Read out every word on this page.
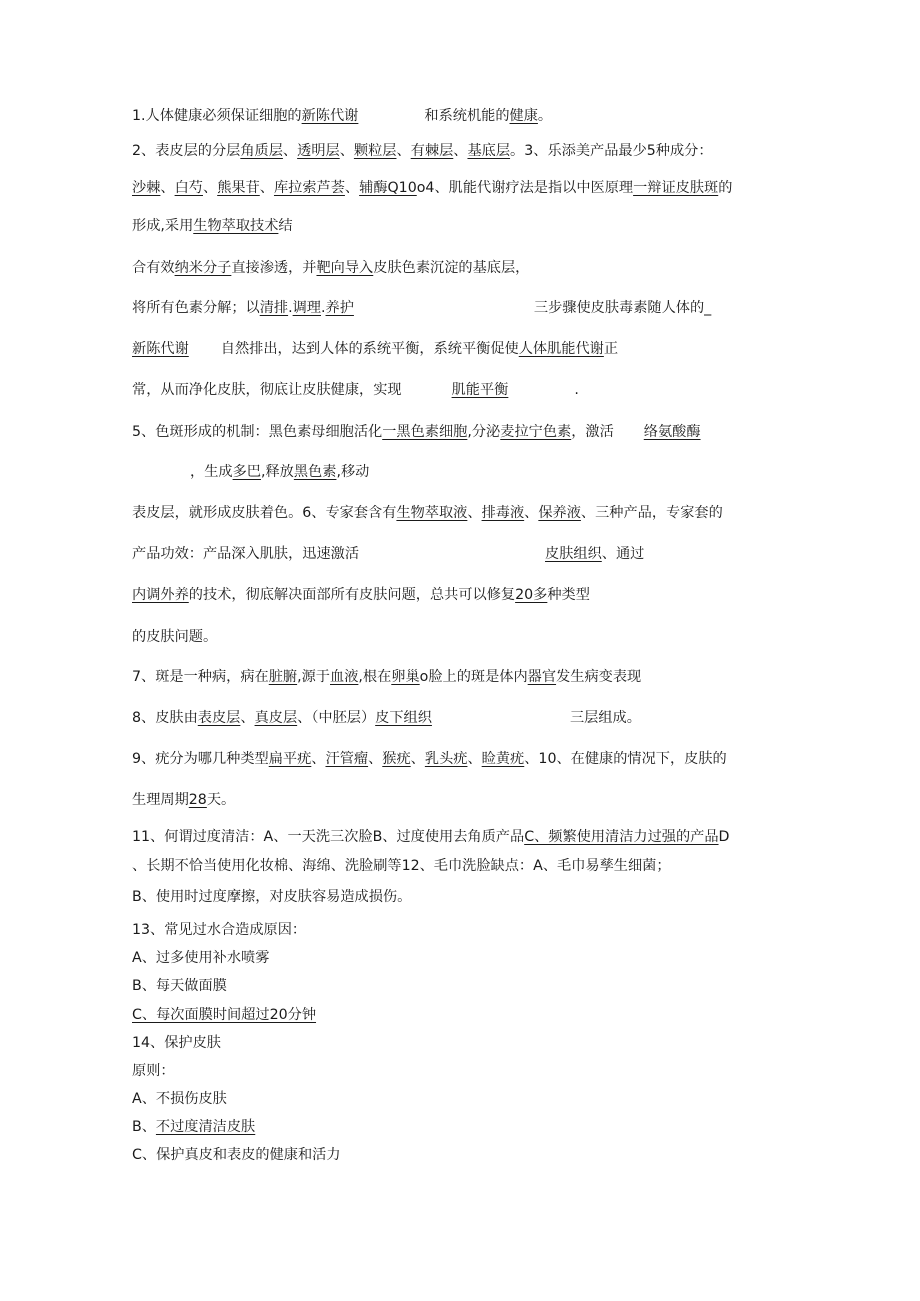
1.人体健康必须保证细胞的新陈代谢	和系统机能的健康。
2、表皮层的分层角质层、透明层、颗粒层、有棘层、基底层。3、乐添美产品最少5种成分：
沙棘、白芍、熊果苷、库拉索芦荟、辅酶Q10o4、肌能代谢疗法是指以中医原理一辩证皮肤斑的
形成,采用生物萃取技术结
合有效纳米分子直接渗透，并靶向导入皮肤色素沉淀的基底层，
将所有色素分解；以清排.调理.养护	三步骤使皮肤毒素随人体的_
新陈代谢 自然排出，达到人体的系统平衡，系统平衡促使人体肌能代谢正
常，从而净化皮肤，彻底让皮肤健康，实现	肌能平衡	.
5、色斑形成的机制：黑色素母细胞活化一黑色素细胞,分泌麦拉宁色素，激活 络氨酸酶
，生成多巴,释放黑色素,移动
表皮层，就形成皮肤着色。6、专家套含有生物萃取液、排毒液、保养液、三种产品，专家套的
产品功效：产品深入肌肤，迅速激活	皮肤组织、通过
内调外养的技术，彻底解决面部所有皮肤问题，总共可以修复20多种类型
的皮肤问题。
7、斑是一种病，病在脏腑,源于血液,根在卵巢o脸上的斑是体内器官发生病变表现
8、皮肤由表皮层、真皮层、（中胚层）皮下组织	三层组成。
9、疣分为哪几种类型扁平疣、汗管瘤、猴疣、乳头疣、睑黄疣、10、在健康的情况下，皮肤的
生理周期28天。
11、何谓过度清洁：A、一天洗三次脸B、过度使用去角质产品C、频繁使用清洁力过强的产品D
、长期不恰当使用化妆棉、海绵、洗脸刷等12、毛巾洗脸缺点：A、毛巾易孳生细菌；
B、使用时过度摩擦，对皮肤容易造成损伤。
13、常见过水合造成原因：
A、过多使用补水喷雾
B、每天做面膜
C、每次面膜时间超过20分钟
14、保护皮肤
原则：
A、不损伤皮肤
B、不过度清洁皮肤
C、保护真皮和表皮的健康和活力
